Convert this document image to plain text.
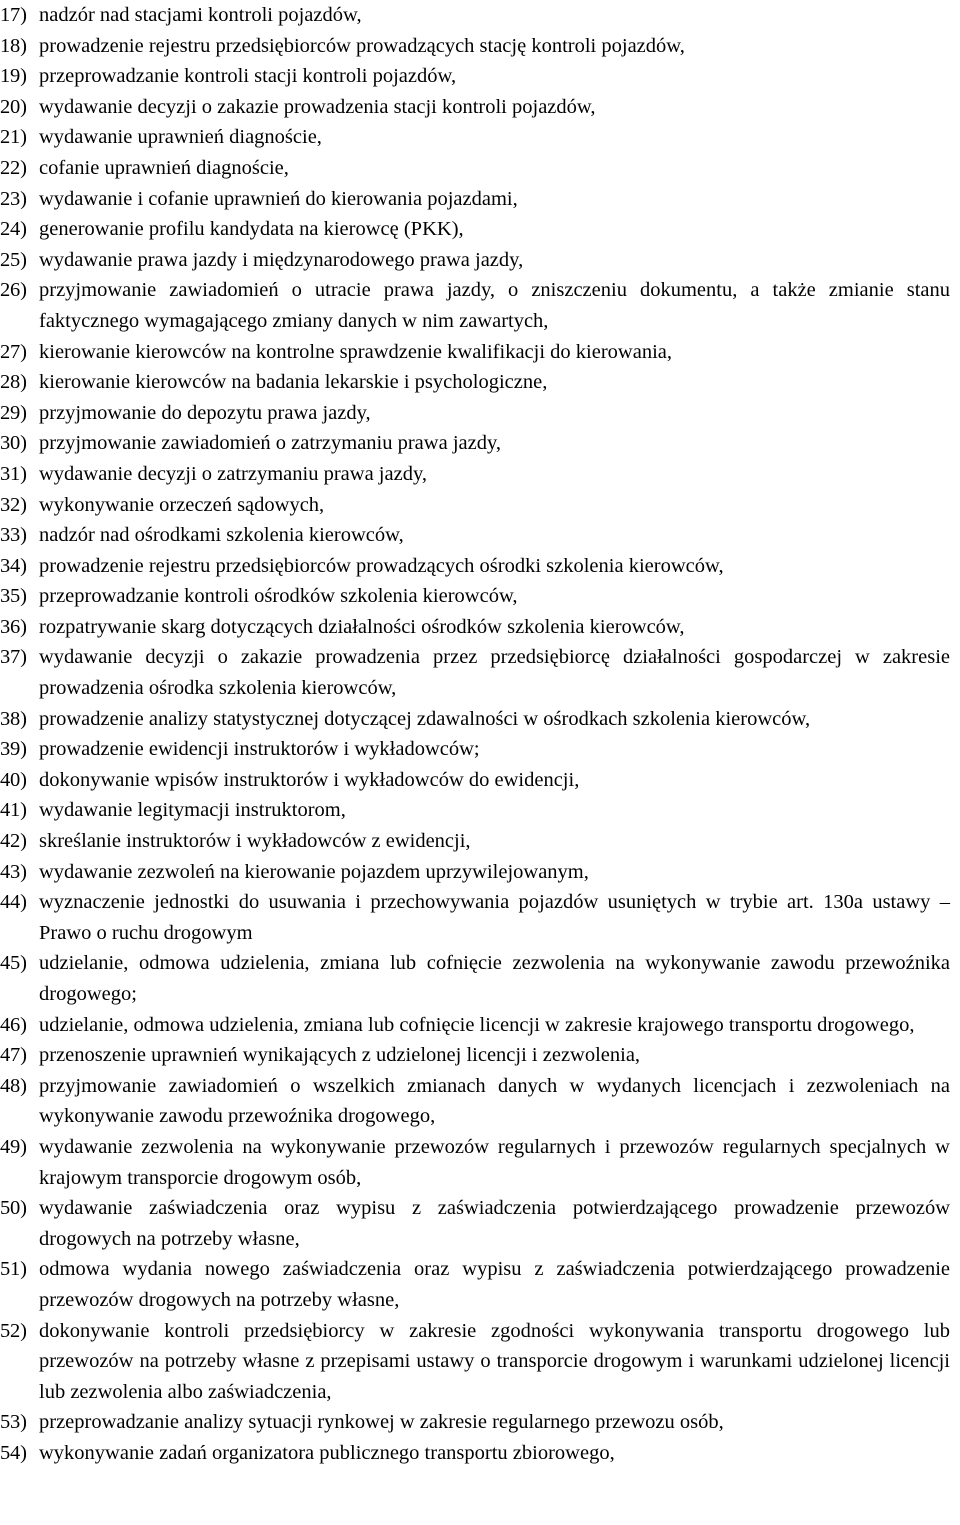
17) nadzór nad stacjami kontroli pojazdów,
18) prowadzenie rejestru przedsiębiorców prowadzących stację kontroli pojazdów,
19) przeprowadzanie kontroli stacji kontroli pojazdów,
20) wydawanie decyzji o zakazie prowadzenia stacji kontroli pojazdów,
21) wydawanie uprawnień diagnoście,
22) cofanie uprawnień diagnoście,
23) wydawanie i cofanie uprawnień do kierowania pojazdami,
24) generowanie profilu kandydata na kierowcę (PKK),
25) wydawanie prawa jazdy i międzynarodowego prawa jazdy,
26) przyjmowanie zawiadomień o utracie prawa jazdy, o zniszczeniu dokumentu, a także zmianie stanu faktycznego wymagającego zmiany danych w nim zawartych,
27) kierowanie kierowców na kontrolne sprawdzenie kwalifikacji do kierowania,
28) kierowanie kierowców na badania lekarskie i psychologiczne,
29) przyjmowanie do depozytu prawa jazdy,
30) przyjmowanie zawiadomień o zatrzymaniu prawa jazdy,
31) wydawanie decyzji o zatrzymaniu prawa jazdy,
32) wykonywanie orzeczeń sądowych,
33) nadzór nad ośrodkami szkolenia kierowców,
34) prowadzenie rejestru przedsiębiorców prowadzących ośrodki szkolenia kierowców,
35) przeprowadzanie kontroli ośrodków szkolenia kierowców,
36) rozpatrywanie skarg dotyczących działalności ośrodków szkolenia kierowców,
37) wydawanie decyzji o zakazie prowadzenia przez przedsiębiorcę działalności gospodarczej w zakresie prowadzenia ośrodka szkolenia kierowców,
38) prowadzenie analizy statystycznej dotyczącej zdawalności w ośrodkach szkolenia kierowców,
39) prowadzenie ewidencji instruktorów i wykładowców;
40) dokonywanie wpisów instruktorów i wykładowców do ewidencji,
41) wydawanie legitymacji instruktorom,
42) skreślanie instruktorów i wykładowców z ewidencji,
43) wydawanie zezwoleń na kierowanie pojazdem uprzywilejowanym,
44) wyznaczenie jednostki do usuwania i przechowywania pojazdów usuniętych w trybie art. 130a ustawy – Prawo o ruchu drogowym
45) udzielanie, odmowa udzielenia, zmiana lub cofnięcie zezwolenia na wykonywanie zawodu przewoźnika drogowego;
46) udzielanie, odmowa udzielenia, zmiana lub cofnięcie licencji w zakresie krajowego transportu drogowego,
47) przenoszenie uprawnień wynikających z udzielonej licencji i zezwolenia,
48) przyjmowanie zawiadomień o wszelkich zmianach danych w wydanych licencjach i zezwoleniach na wykonywanie zawodu przewoźnika drogowego,
49) wydawanie zezwolenia na wykonywanie przewozów regularnych i przewozów regularnych specjalnych w krajowym transporcie drogowym osób,
50) wydawanie zaświadczenia oraz wypisu z zaświadczenia potwierdzającego prowadzenie przewozów drogowych na potrzeby własne,
51) odmowa wydania nowego zaświadczenia oraz wypisu z zaświadczenia potwierdzającego prowadzenie przewozów drogowych na potrzeby własne,
52) dokonywanie kontroli przedsiębiorcy w zakresie zgodności wykonywania transportu drogowego lub przewozów na potrzeby własne z przepisami ustawy o transporcie drogowym i warunkami udzielonej licencji lub zezwolenia albo zaświadczenia,
53) przeprowadzanie analizy sytuacji rynkowej w zakresie regularnego przewozu osób,
54) wykonywanie zadań organizatora publicznego transportu zbiorowego,
